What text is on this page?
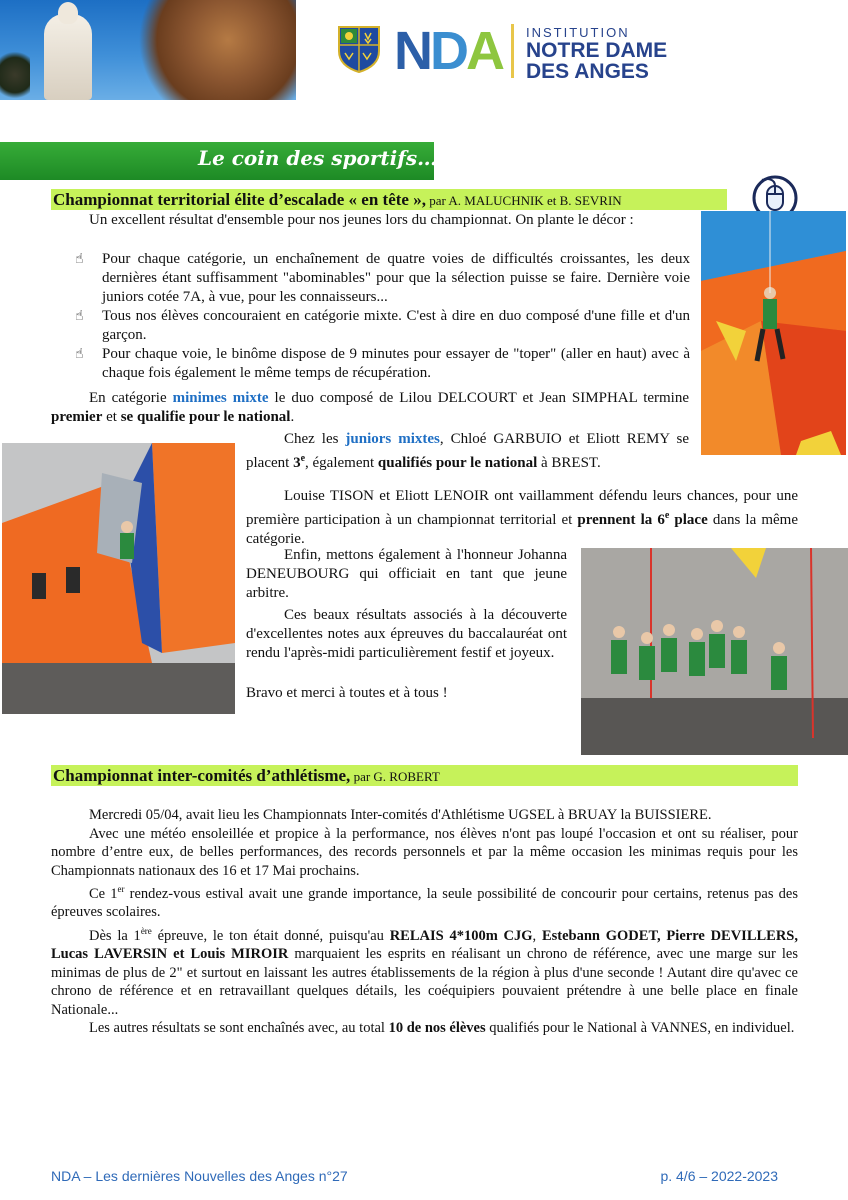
NDA INSTITUTION
NOTRE DAME
DES ANGES
Le coin des sportifs…
Championnat territorial élite d’escalade « en tête », par A. MALUCHNIK et B. SEVRIN
Un excellent résultat d'ensemble pour nos jeunes lors du championnat. On plante le décor :
☝ Pour chaque catégorie, un enchaînement de quatre voies de difficultés croissantes, les deux dernières étant suffisamment "abominables" pour que la sélection puisse se faire. Dernière voie juniors cotée 7A, à vue, pour les connaisseurs...
☝ Tous nos élèves concouraient en catégorie mixte. C'est à dire en duo composé d'une fille et d'un garçon.
☝ Pour chaque voie, le binôme dispose de 9 minutes pour essayer de "toper" (aller en haut) avec à chaque fois également le même temps de récupération.
En catégorie minimes mixte le duo composé de Lilou DELCOURT et Jean SIMPHAL termine premier et se qualifie pour le national.
Chez les juniors mixtes, Chloé GARBUIO et Eliott REMY se placent 3e, également qualifiés pour le national à BREST.
Louise TISON et Eliott LENOIR ont vaillamment défendu leurs chances, pour une première participation à un championnat territorial et prennent la 6e place dans la même catégorie.
Enfin, mettons également à l'honneur Johanna DENEUBOURG qui officiait en tant que jeune arbitre.
Ces beaux résultats associés à la découverte d'excellentes notes aux épreuves du baccalauréat ont rendu l'après-midi particulièrement festif et joyeux.
Bravo et merci à toutes et à tous !
Championnat inter-comités d’athlétisme, par G. ROBERT
Mercredi 05/04, avait lieu les Championnats Inter-comités d'Athlétisme UGSEL à BRUAY la BUISSIERE.
Avec une météo ensoleillée et propice à la performance, nos élèves n'ont pas loupé l'occasion et ont su réaliser, pour nombre d’entre eux, de belles performances, des records personnels et par la même occasion les minimas requis pour les Championnats nationaux des 16 et 17 Mai prochains.
Ce 1er rendez-vous estival avait une grande importance, la seule possibilité de concourir pour certains, retenus pas des épreuves scolaires.
Dès la 1ère épreuve, le ton était donné, puisqu'au RELAIS 4*100m CJG, Estebann GODET, Pierre DEVILLERS, Lucas LAVERSIN et Louis MIROIR marquaient les esprits en réalisant un chrono de référence, avec une marge sur les minimas de plus de 2" et surtout en laissant les autres établissements de la région à plus d'une seconde ! Autant dire qu'avec ce chrono de référence et en retravaillant quelques détails, les coéquipiers pouvaient prétendre à une belle place en finale Nationale...
Les autres résultats se sont enchaînés avec, au total 10 de nos élèves qualifiés pour le National à VANNES, en individuel.
NDA – Les dernières Nouvelles des Anges n°27	p. 4/6 – 2022-2023
